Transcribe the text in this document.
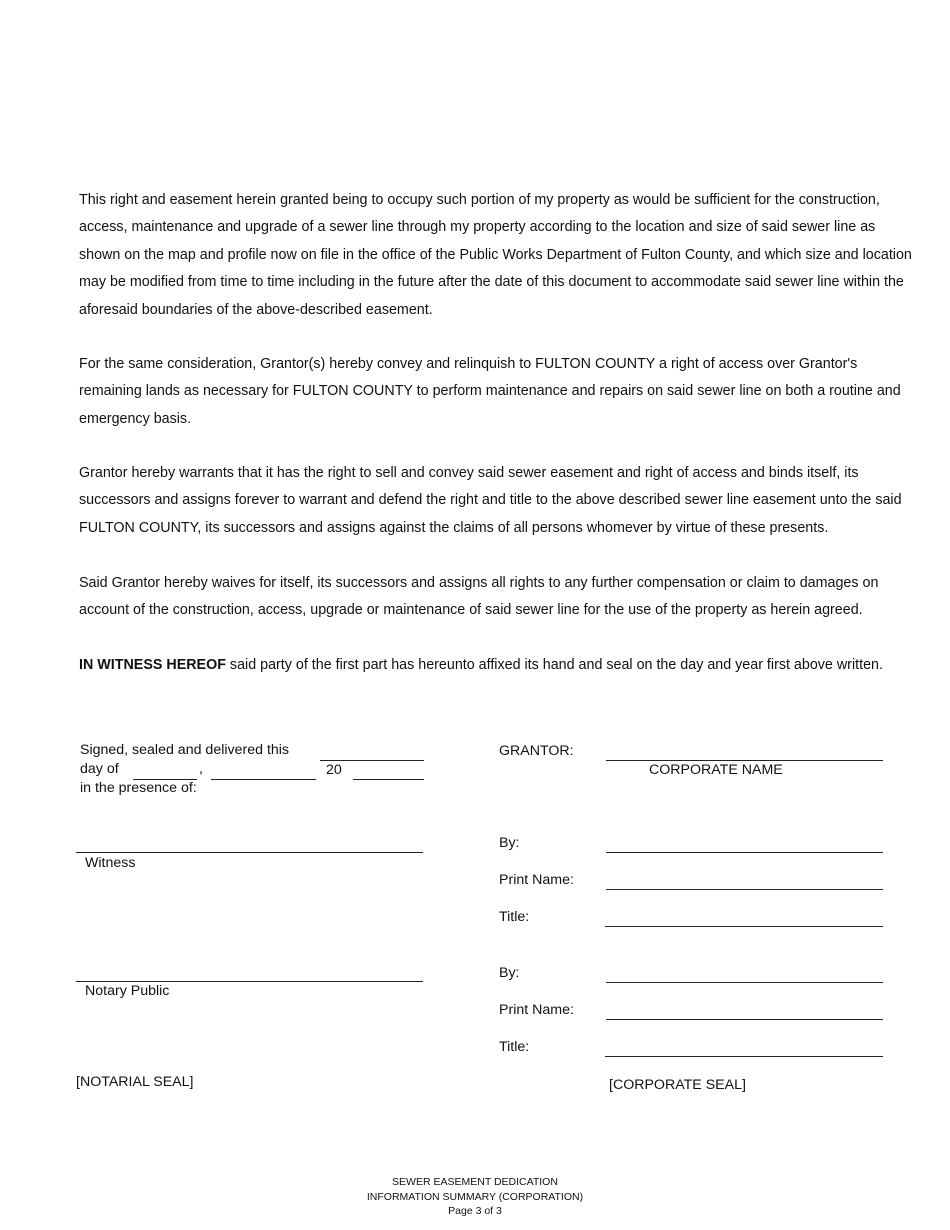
This right and easement herein granted being to occupy such portion of my property as would be sufficient for the construction, access, maintenance and upgrade of a sewer line through my property according to the location and size of said sewer line as shown on the map and profile now on file in the office of the Public Works Department of Fulton County, and which size and location may be modified from time to time including in the future after the date of this document to accommodate said sewer line within the aforesaid boundaries of the above-described easement.

For the same consideration, Grantor(s) hereby convey and relinquish to FULTON COUNTY a right of access over Grantor's remaining lands as necessary for FULTON COUNTY to perform maintenance and repairs on said sewer line on both a routine and emergency basis.

Grantor hereby warrants that it has the right to sell and convey said sewer easement and right of access and binds itself, its successors and assigns forever to warrant and defend the right and title to the above described sewer line easement unto the said FULTON COUNTY, its successors and assigns against the claims of all persons whomever by virtue of these presents.

Said Grantor hereby waives for itself, its successors and assigns all rights to any further compensation or claim to damages on account of the construction, access, upgrade or maintenance of said sewer line for the use of the property as herein agreed.

IN WITNESS HEREOF said party of the first part has hereunto affixed its hand and seal on the day and year first above written.

Signed, sealed and delivered this
day of	,	20
in the presence of:
Witness
Notary Public
[NOTARIAL SEAL]
GRANTOR:
CORPORATE NAME
By:
Print Name:
Title:
By:
Print Name:
Title:
[CORPORATE SEAL]
SEWER EASEMENT DEDICATION
INFORMATION SUMMARY (CORPORATION)
Page 3 of 3
